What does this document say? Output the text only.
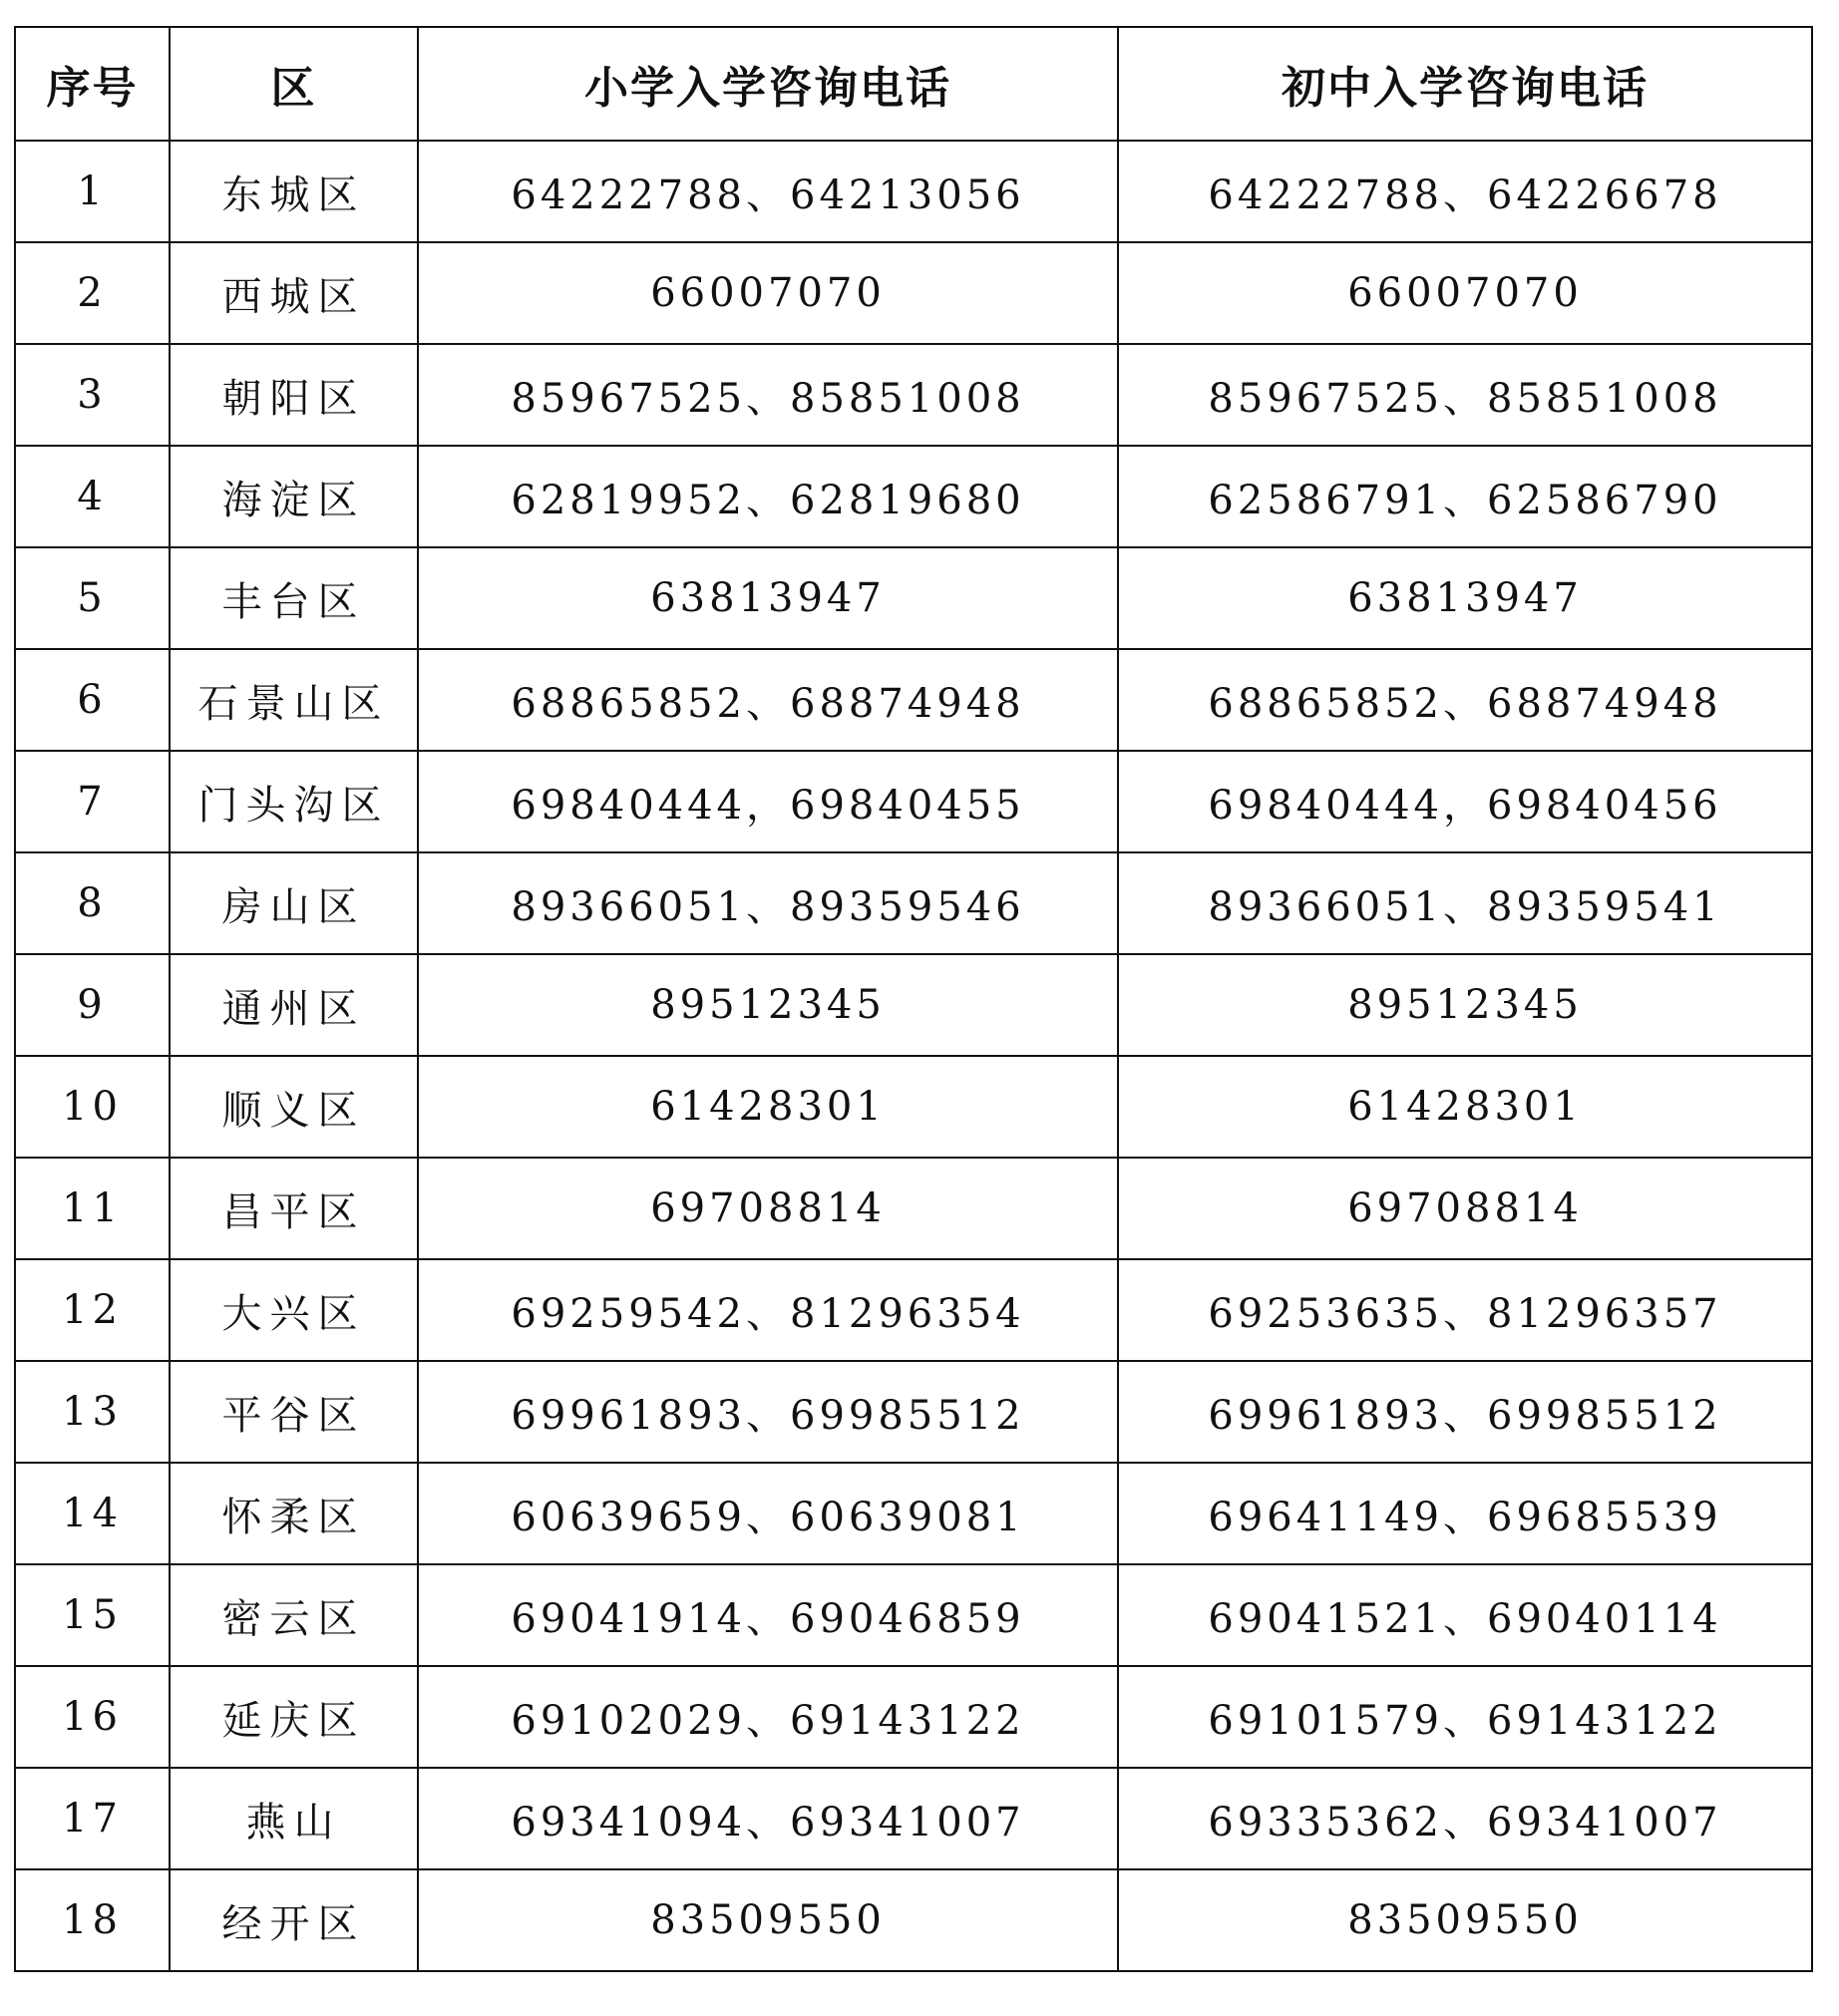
序号	区	小学入学咨询电话	初中入学咨询电话
1	东城区	64222788、64213056	64222788、64226678
2	西城区	66007070	66007070
3	朝阳区	85967525、85851008	85967525、85851008
4	海淀区	62819952、62819680	62586791、62586790
5	丰台区	63813947	63813947
6	石景山区	68865852、68874948	68865852、68874948
7	门头沟区	69840444，69840455	69840444，69840456
8	房山区	89366051、89359546	89366051、89359541
9	通州区	89512345	89512345
10	顺义区	61428301	61428301
11	昌平区	69708814	69708814
12	大兴区	69259542、81296354	69253635、81296357
13	平谷区	69961893、69985512	69961893、69985512
14	怀柔区	60639659、60639081	69641149、69685539
15	密云区	69041914、69046859	69041521、69040114
16	延庆区	69102029、69143122	69101579、69143122
17	燕山	69341094、69341007	69335362、69341007
18	经开区	83509550	83509550
